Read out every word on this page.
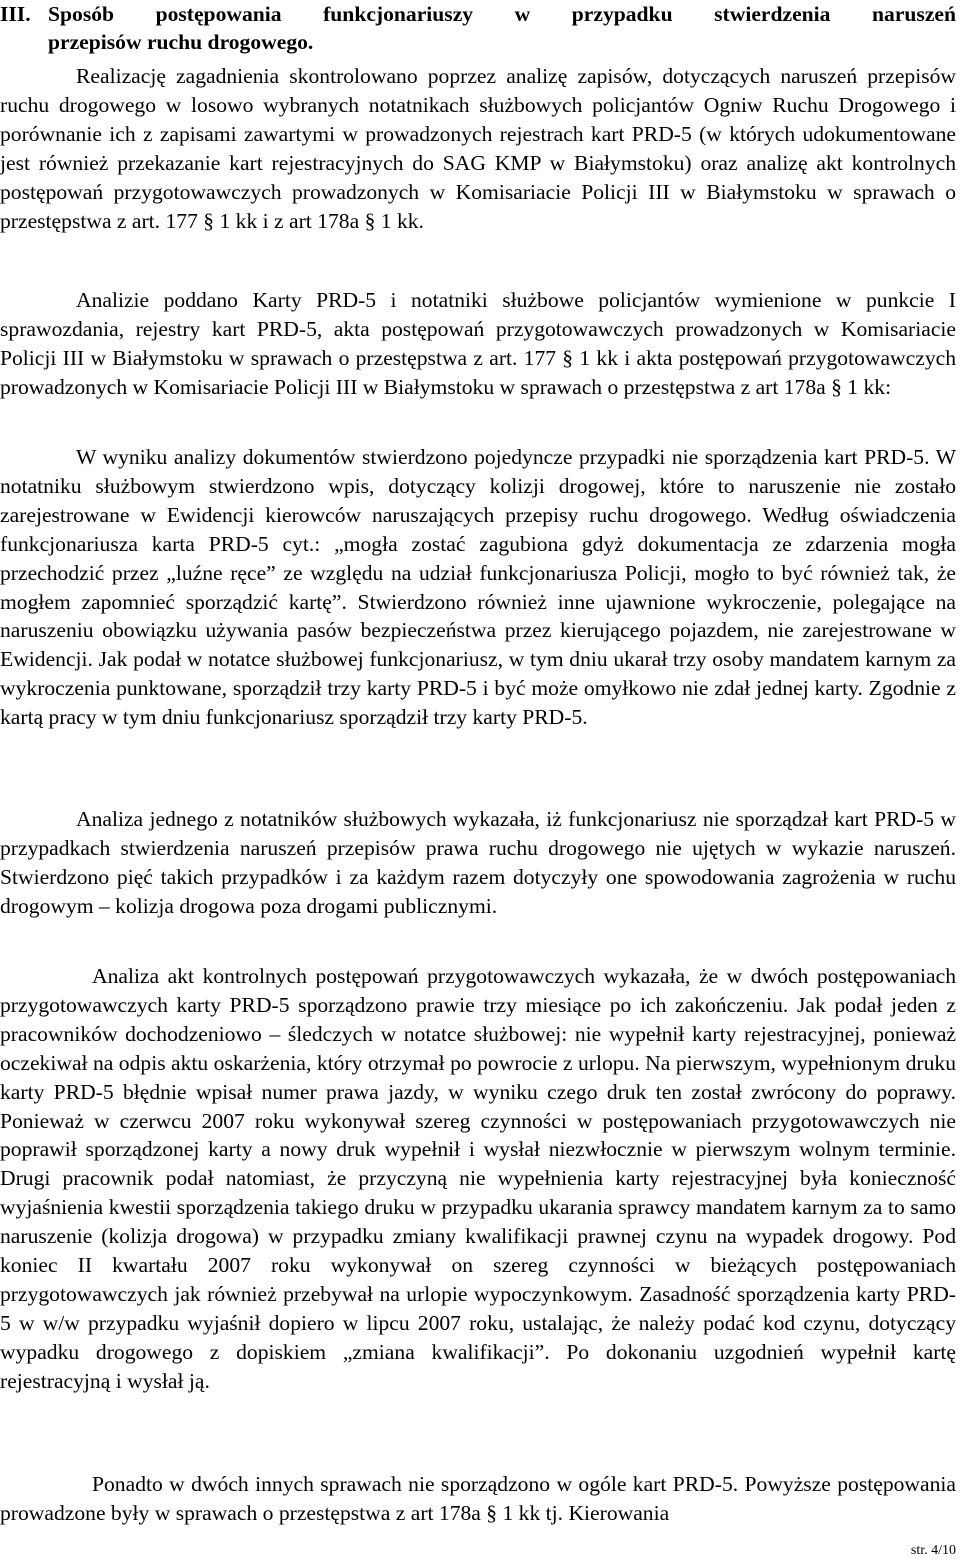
III. Sposób postępowania funkcjonariuszy w przypadku stwierdzenia naruszeń
przepisów ruchu drogowego.

Realizację zagadnienia skontrolowano poprzez analizę zapisów, dotyczących naruszeń przepisów ruchu drogowego w losowo wybranych notatnikach służbowych policjantów Ogniw Ruchu Drogowego i porównanie ich z zapisami zawartymi w prowadzonych rejestrach kart PRD-5 (w których udokumentowane jest również przekazanie kart rejestracyjnych do SAG KMP w Białymstoku) oraz analizę akt kontrolnych postępowań przygotowawczych prowadzonych w Komisariacie Policji III w Białymstoku w sprawach o przestępstwa z art. 177 § 1 kk i z art 178a § 1 kk.

Analizie poddano Karty PRD-5 i notatniki służbowe policjantów wymienione w punkcie I sprawozdania, rejestry kart PRD-5, akta postępowań przygotowawczych prowadzonych w Komisariacie Policji III w Białymstoku w sprawach o przestępstwa z art. 177 § 1 kk i akta postępowań przygotowawczych prowadzonych w Komisariacie Policji III w Białymstoku w sprawach o przestępstwa z art 178a § 1 kk:

W wyniku analizy dokumentów stwierdzono pojedyncze przypadki nie sporządzenia kart PRD-5. W notatniku służbowym stwierdzono wpis, dotyczący kolizji drogowej, które to naruszenie nie zostało zarejestrowane w Ewidencji kierowców naruszających przepisy ruchu drogowego. Według oświadczenia funkcjonariusza karta PRD-5 cyt.: „mogła zostać zagubiona gdyż dokumentacja ze zdarzenia mogła przechodzić przez „luźne ręce” ze względu na udział funkcjonariusza Policji, mogło to być również tak, że mogłem zapomnieć sporządzić kartę”. Stwierdzono również inne ujawnione wykroczenie, polegające na naruszeniu obowiązku używania pasów bezpieczeństwa przez kierującego pojazdem, nie zarejestrowane w Ewidencji. Jak podał w notatce służbowej funkcjonariusz, w tym dniu ukarał trzy osoby mandatem karnym za wykroczenia punktowane, sporządził trzy karty PRD-5 i być może omyłkowo nie zdał jednej karty. Zgodnie z kartą pracy w tym dniu funkcjonariusz sporządził trzy karty PRD-5.

Analiza jednego z notatników służbowych wykazała, iż funkcjonariusz nie sporządzał kart PRD-5 w przypadkach stwierdzenia naruszeń przepisów prawa ruchu drogowego nie ujętych w wykazie naruszeń. Stwierdzono pięć takich przypadków i za każdym razem dotyczyły one spowodowania zagrożenia w ruchu drogowym – kolizja drogowa poza drogami publicznymi.

Analiza akt kontrolnych postępowań przygotowawczych wykazała, że w dwóch postępowaniach przygotowawczych karty PRD-5 sporządzono prawie trzy miesiące po ich zakończeniu. Jak podał jeden z pracowników dochodzeniowo – śledczych w notatce służbowej: nie wypełnił karty rejestracyjnej, ponieważ oczekiwał na odpis aktu oskarżenia, który otrzymał po powrocie z urlopu. Na pierwszym, wypełnionym druku karty PRD-5 błędnie wpisał numer prawa jazdy, w wyniku czego druk ten został zwrócony do poprawy. Ponieważ w czerwcu 2007 roku wykonywał szereg czynności w postępowaniach przygotowawczych nie poprawił sporządzonej karty a nowy druk wypełnił i wysłał niezwłocznie w pierwszym wolnym terminie. Drugi pracownik podał natomiast, że przyczyną nie wypełnienia karty rejestracyjnej była konieczność wyjaśnienia kwestii sporządzenia takiego druku w przypadku ukarania sprawcy mandatem karnym za to samo naruszenie (kolizja drogowa) w przypadku zmiany kwalifikacji prawnej czynu na wypadek drogowy. Pod koniec II kwartału 2007 roku wykonywał on szereg czynności w bieżących postępowaniach przygotowawczych jak również przebywał na urlopie wypoczynkowym. Zasadność sporządzenia karty PRD-5 w w/w przypadku wyjaśnił dopiero w lipcu 2007 roku, ustalając, że należy podać kod czynu, dotyczący wypadku drogowego z dopiskiem „zmiana kwalifikacji”. Po dokonaniu uzgodnień wypełnił kartę rejestracyjną i wysłał ją.

Ponadto w dwóch innych sprawach nie sporządzono w ogóle kart PRD-5. Powyższe postępowania prowadzone były w sprawach o przestępstwa z art 178a § 1 kk tj. Kierowania

str. 4/10
